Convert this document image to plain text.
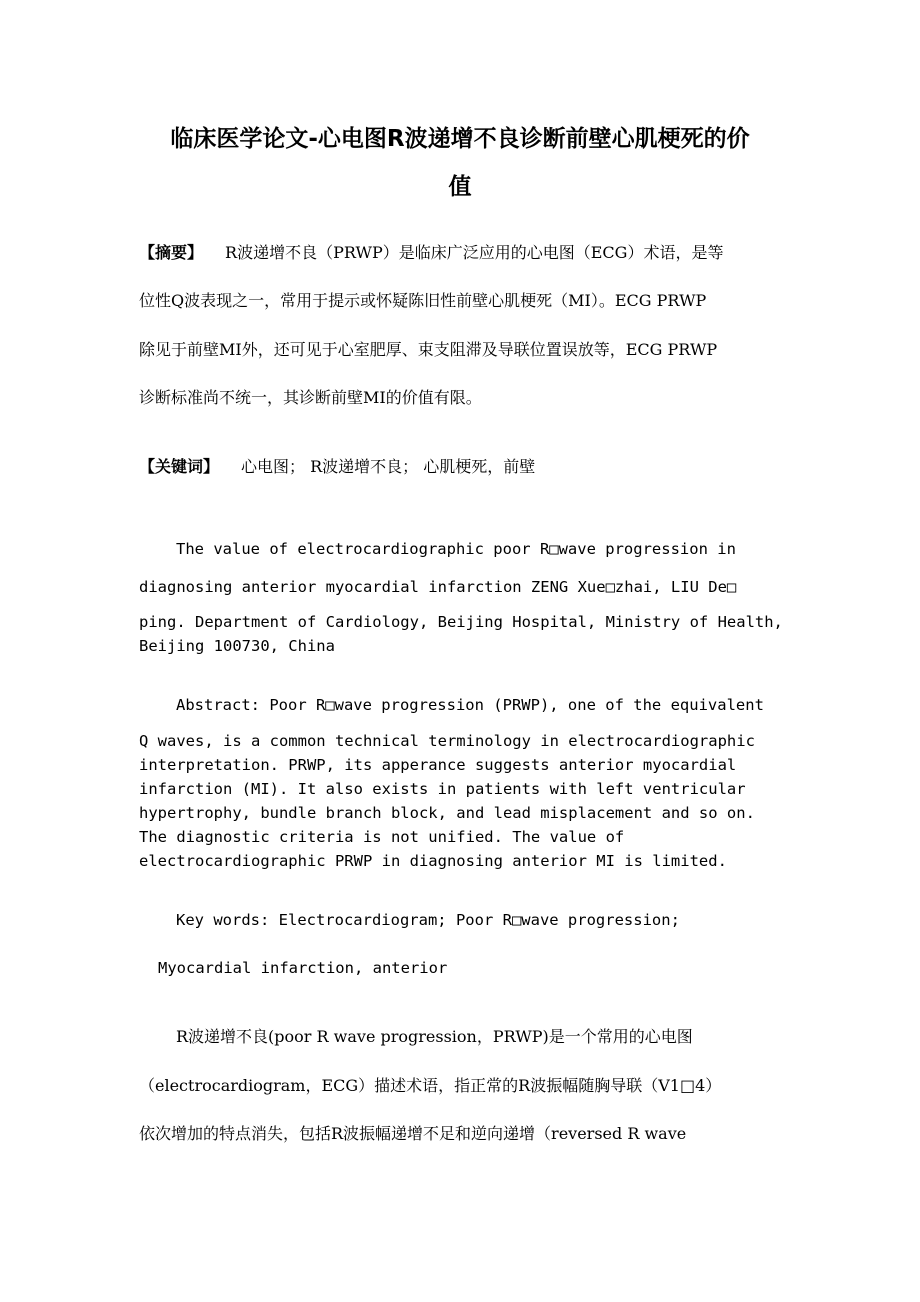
临床医学论文-心电图R波递增不良诊断前壁心肌梗死的价
值

【摘要】 R波递增不良（PRWP）是临床广泛应用的心电图（ECG）术语，是等

位性Q波表现之一，常用于提示或怀疑陈旧性前壁心肌梗死（MI）。ECG PRWP

除见于前壁MI外，还可见于心室肥厚、束支阻滞及导联位置误放等，ECG PRWP

诊断标准尚不统一，其诊断前壁MI的价值有限。

【关键词】 心电图； R波递增不良； 心肌梗死，前壁

The value of electrocardiographic poor R□wave progression in

diagnosing anterior myocardial infarction ZENG Xue□zhai, LIU De□

ping. Department of Cardiology, Beijing Hospital, Ministry of Health,

Beijing 100730, China

Abstract: Poor R□wave progression (PRWP), one of the equivalent

Q waves, is a common technical terminology in electrocardiographic

interpretation. PRWP, its apperance suggests anterior myocardial

infarction (MI). It also exists in patients with left ventricular

hypertrophy, bundle branch block, and lead misplacement and so on.

The diagnostic criteria is not unified. The value of

electrocardiographic PRWP in diagnosing anterior MI is limited.

Key words: Electrocardiogram; Poor R□wave progression;

Myocardial infarction, anterior

R波递增不良(poor R wave progression，PRWP)是一个常用的心电图

（electrocardiogram，ECG）描述术语，指正常的R波振幅随胸导联（V1□4）

依次增加的特点消失，包括R波振幅递增不足和逆向递增（reversed R wave
